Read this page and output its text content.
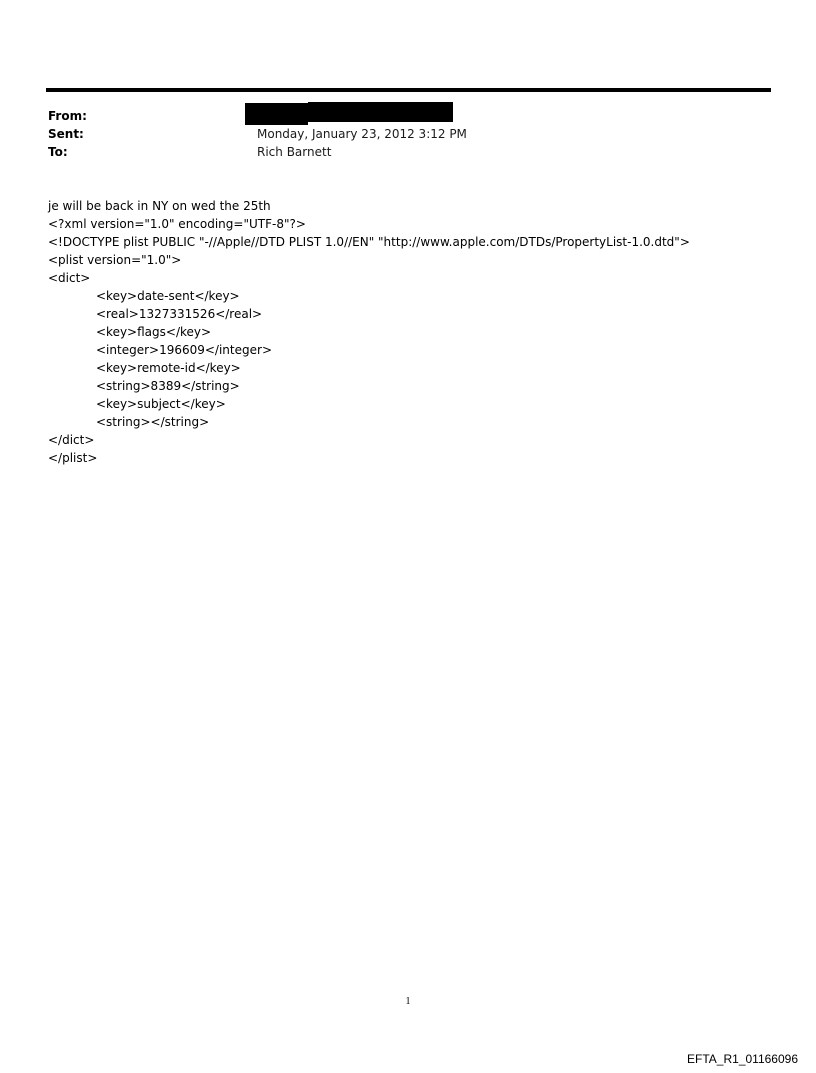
From:
Sent:	Monday, January 23, 2012 3:12 PM
To:	Rich Barnett
je will be back in NY on wed the 25th
<?xml version="1.0" encoding="UTF-8"?>
<!DOCTYPE plist PUBLIC "-//Apple//DTD PLIST 1.0//EN" "http://www.apple.com/DTDs/PropertyList-1.0.dtd">
<plist version="1.0">
<dict>
<key>date-sent</key>
<real>1327331526</real>
<key>flags</key>
<integer>196609</integer>
<key>remote-id</key>
<string>8389</string>
<key>subject</key>
<string></string>
</dict>
</plist>
1
EFTA_R1_01166096
